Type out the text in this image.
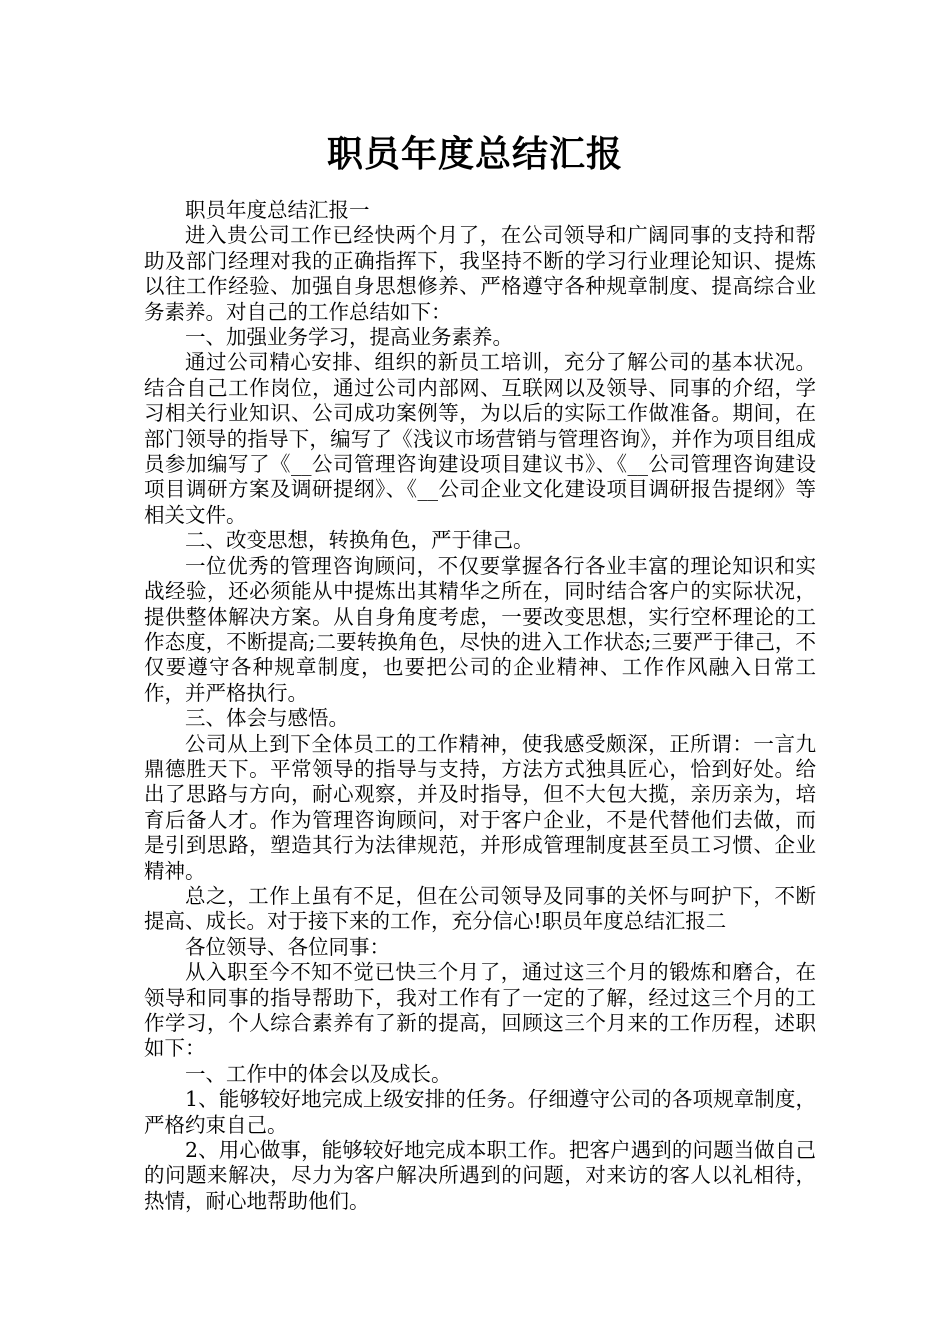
职员年度总结汇报

职员年度总结汇报一

进入贵公司工作已经快两个月了，在公司领导和广阔同事的支持和帮助及部门经理对我的正确指挥下，我坚持不断的学习行业理论知识、提炼以往工作经验、加强自身思想修养、严格遵守各种规章制度、提高综合业务素养。对自己的工作总结如下：

一、加强业务学习，提高业务素养。

通过公司精心安排、组织的新员工培训，充分了解公司的基本状况。结合自己工作岗位，通过公司内部网、互联网以及领导、同事的介绍，学习相关行业知识、公司成功案例等，为以后的实际工作做准备。期间，在部门领导的指导下，编写了《浅议市场营销与管理咨询》，并作为项目组成员参加编写了《__公司管理咨询建设项目建议书》、《__公司管理咨询建设项目调研方案及调研提纲》、《__公司企业文化建设项目调研报告提纲》等相关文件。

二、改变思想，转换角色，严于律己。

一位优秀的管理咨询顾问，不仅要掌握各行各业丰富的理论知识和实战经验，还必须能从中提炼出其精华之所在，同时结合客户的实际状况，提供整体解决方案。从自身角度考虑，一要改变思想，实行空杯理论的工作态度，不断提高;二要转换角色，尽快的进入工作状态;三要严于律己，不仅要遵守各种规章制度，也要把公司的企业精神、工作作风融入日常工作，并严格执行。

三、体会与感悟。

公司从上到下全体员工的工作精神，使我感受颇深，正所谓：一言九鼎德胜天下。平常领导的指导与支持，方法方式独具匠心，恰到好处。给出了思路与方向，耐心观察，并及时指导，但不大包大揽，亲历亲为，培育后备人才。作为管理咨询顾问，对于客户企业，不是代替他们去做，而是引到思路，塑造其行为法律规范，并形成管理制度甚至员工习惯、企业精神。

总之，工作上虽有不足，但在公司领导及同事的关怀与呵护下，不断提高、成长。对于接下来的工作，充分信心!职员年度总结汇报二

各位领导、各位同事：

从入职至今不知不觉已快三个月了，通过这三个月的锻炼和磨合，在领导和同事的指导帮助下，我对工作有了一定的了解，经过这三个月的工作学习，个人综合素养有了新的提高，回顾这三个月来的工作历程，述职如下：

一、工作中的体会以及成长。

1、能够较好地完成上级安排的任务。仔细遵守公司的各项规章制度，严格约束自己。

2、用心做事，能够较好地完成本职工作。把客户遇到的问题当做自己的问题来解决，尽力为客户解决所遇到的问题，对来访的客人以礼相待，热情，耐心地帮助他们。
